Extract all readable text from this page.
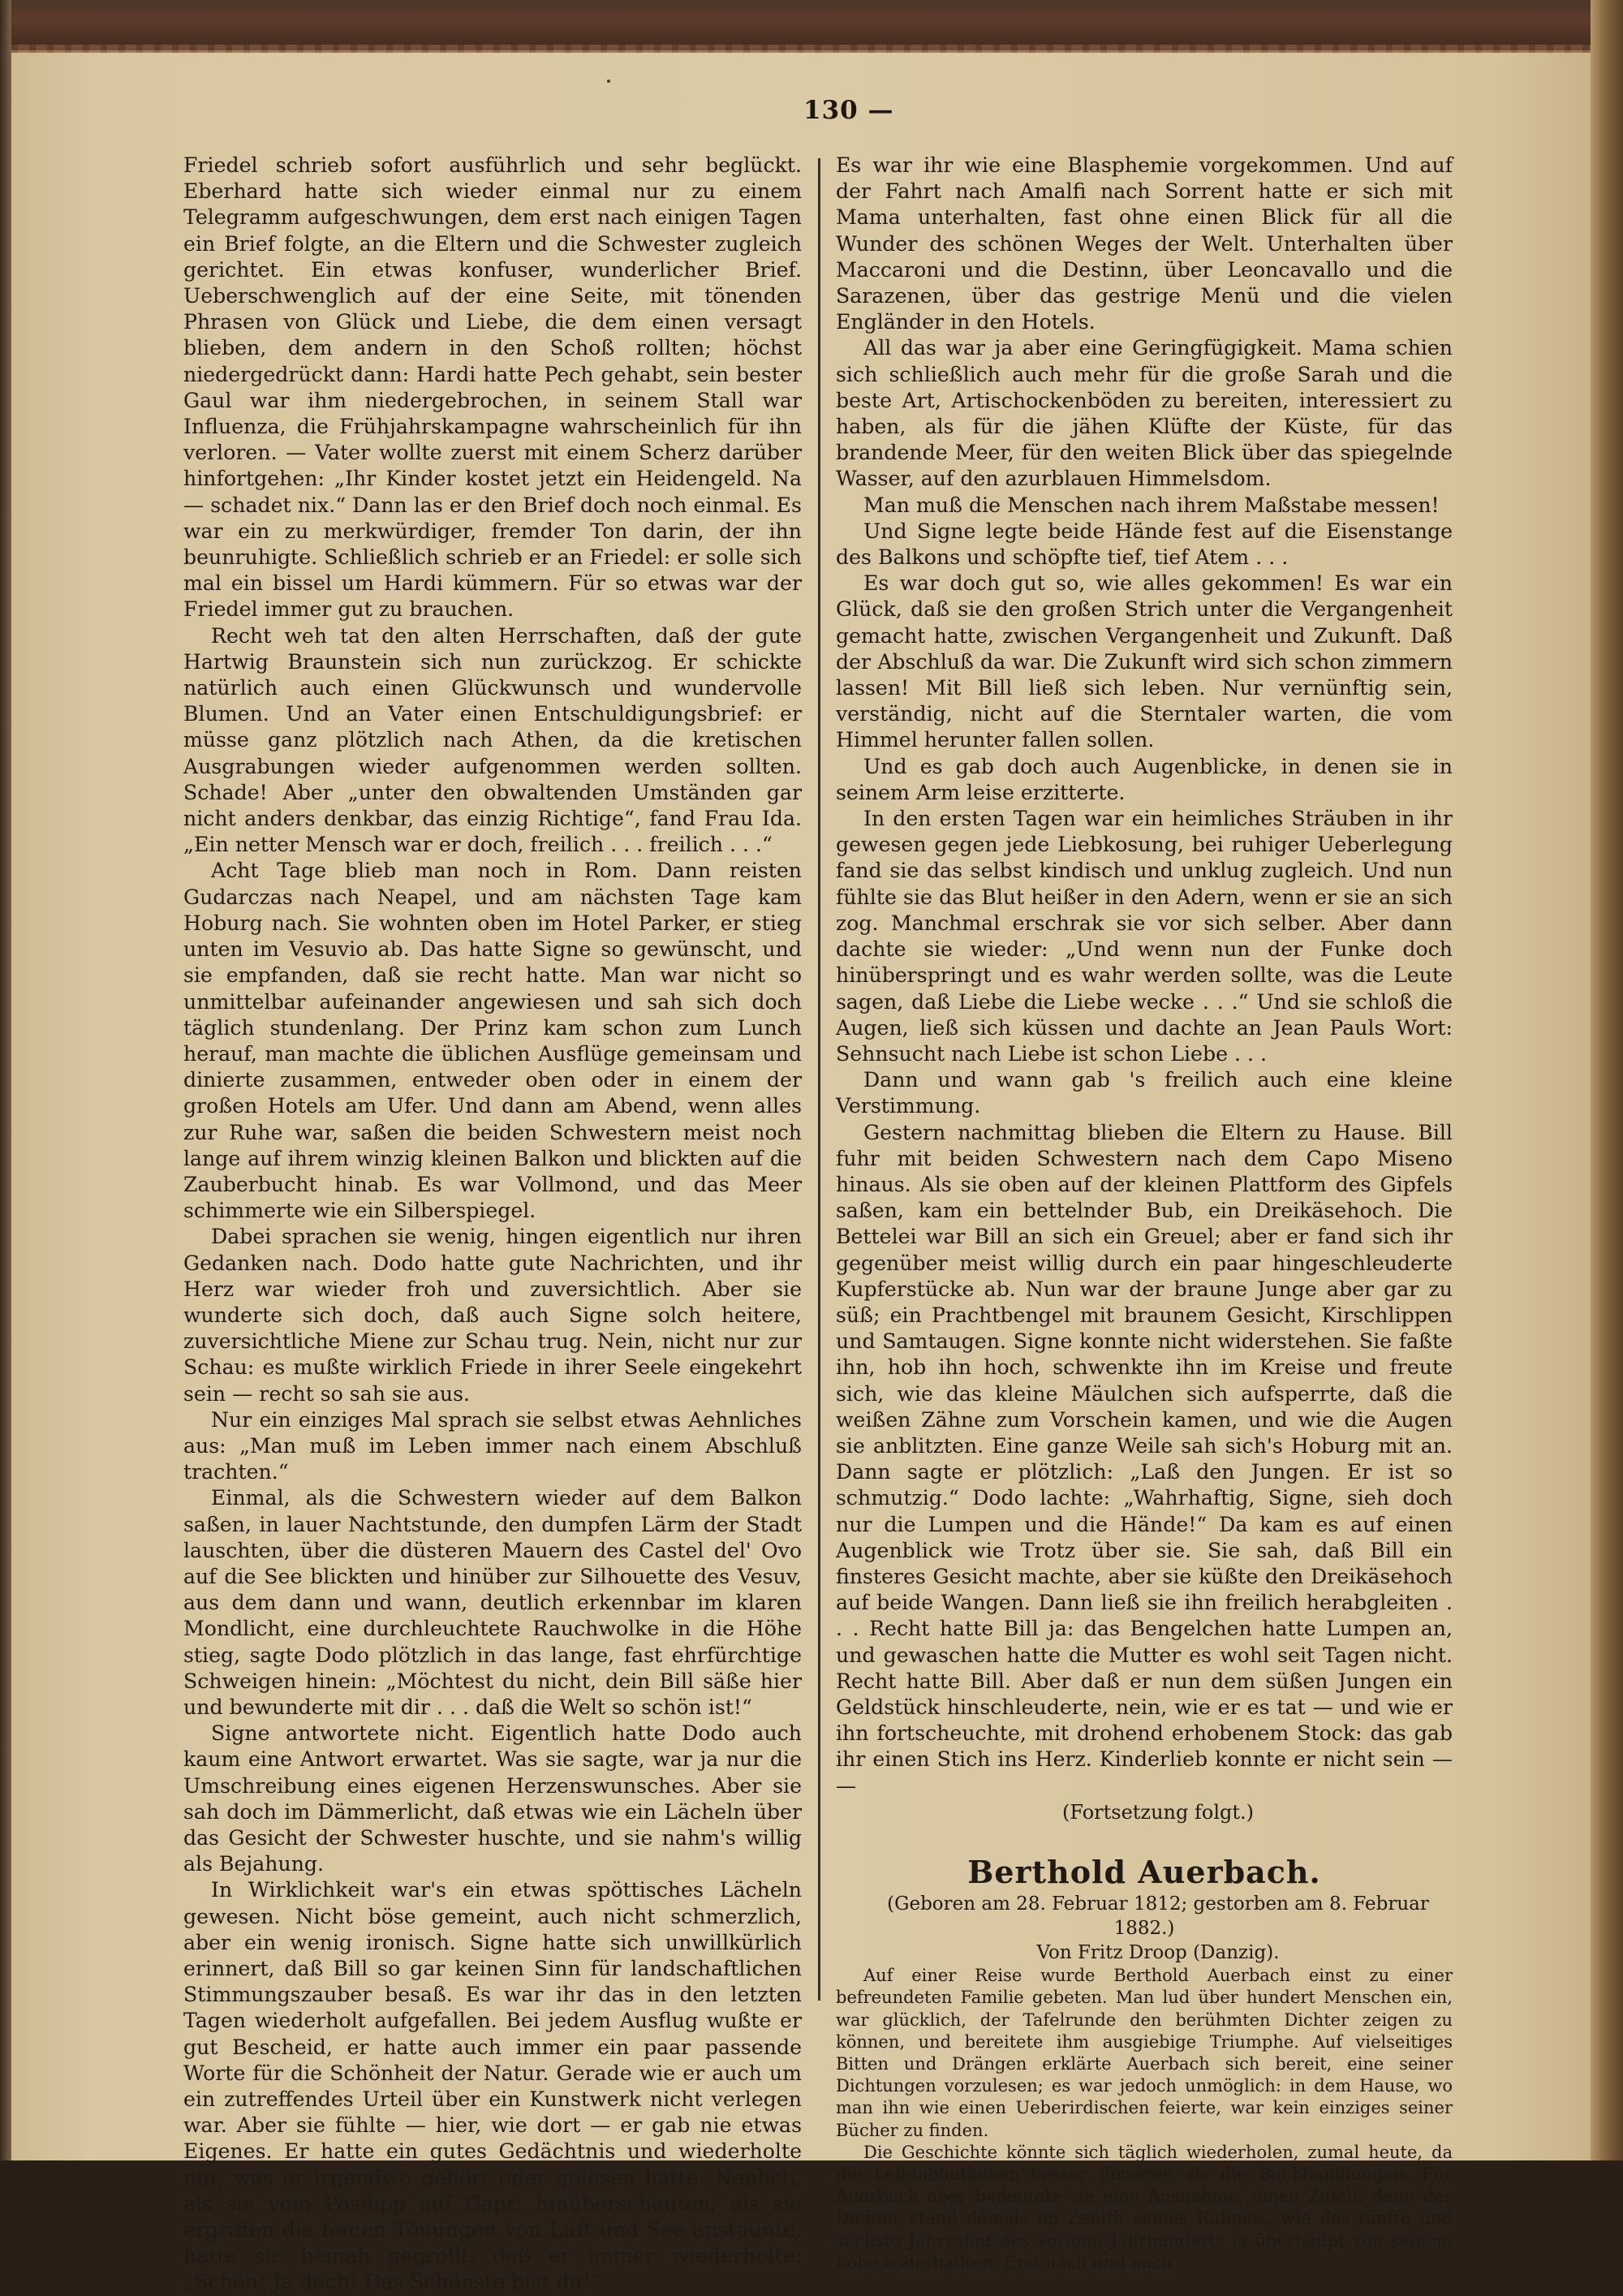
130 —

Friedel schrieb sofort ausführlich und sehr beglückt. Eberhard hatte sich wieder einmal nur zu einem Telegramm aufgeschwungen, dem erst nach einigen Tagen ein Brief folgte, an die Eltern und die Schwester zugleich gerichtet. Ein etwas konfuser, wunderlicher Brief. Ueberschwenglich auf der eine Seite, mit tönenden Phrasen von Glück und Liebe, die dem einen versagt blieben, dem andern in den Schoß rollten; höchst niedergedrückt dann: Hardi hatte Pech gehabt, sein bester Gaul war ihm niedergebrochen, in seinem Stall war Influenza, die Frühjahrskampagne wahrscheinlich für ihn verloren. — Vater wollte zuerst mit einem Scherz darüber hinfortgehen: „Ihr Kinder kostet jetzt ein Heidengeld. Na — schadet nix.“ Dann las er den Brief doch noch einmal. Es war ein zu merkwürdiger, fremder Ton darin, der ihn beunruhigte. Schließlich schrieb er an Friedel: er solle sich mal ein bissel um Hardi kümmern. Für so etwas war der Friedel immer gut zu brauchen.

Recht weh tat den alten Herrschaften, daß der gute Hartwig Braunstein sich nun zurückzog. Er schickte natürlich auch einen Glückwunsch und wundervolle Blumen. Und an Vater einen Entschuldigungsbrief: er müsse ganz plötzlich nach Athen, da die kretischen Ausgrabungen wieder aufgenommen werden sollten. Schade! Aber „unter den obwaltenden Umständen gar nicht anders denkbar, das einzig Richtige“, fand Frau Ida. „Ein netter Mensch war er doch, freilich . . . freilich . . .“

Acht Tage blieb man noch in Rom. Dann reisten Gudarczas nach Neapel, und am nächsten Tage kam Hoburg nach. Sie wohnten oben im Hotel Parker, er stieg unten im Vesuvio ab. Das hatte Signe so gewünscht, und sie empfanden, daß sie recht hatte. Man war nicht so unmittelbar aufeinander angewiesen und sah sich doch täglich stundenlang. Der Prinz kam schon zum Lunch herauf, man machte die üblichen Ausflüge gemeinsam und dinierte zusammen, entweder oben oder in einem der großen Hotels am Ufer. Und dann am Abend, wenn alles zur Ruhe war, saßen die beiden Schwestern meist noch lange auf ihrem winzig kleinen Balkon und blickten auf die Zauberbucht hinab. Es war Vollmond, und das Meer schimmerte wie ein Silberspiegel.

Dabei sprachen sie wenig, hingen eigentlich nur ihren Gedanken nach. Dodo hatte gute Nachrichten, und ihr Herz war wieder froh und zuversichtlich. Aber sie wunderte sich doch, daß auch Signe solch heitere, zuversichtliche Miene zur Schau trug. Nein, nicht nur zur Schau: es mußte wirklich Friede in ihrer Seele eingekehrt sein — recht so sah sie aus.

Nur ein einziges Mal sprach sie selbst etwas Aehnliches aus: „Man muß im Leben immer nach einem Abschluß trachten.“

Einmal, als die Schwestern wieder auf dem Balkon saßen, in lauer Nachtstunde, den dumpfen Lärm der Stadt lauschten, über die düsteren Mauern des Castel del' Ovo auf die See blickten und hinüber zur Silhouette des Vesuv, aus dem dann und wann, deutlich erkennbar im klaren Mondlicht, eine durchleuchtete Rauchwolke in die Höhe stieg, sagte Dodo plötzlich in das lange, fast ehrfürchtige Schweigen hinein: „Möchtest du nicht, dein Bill säße hier und bewunderte mit dir . . . daß die Welt so schön ist!“

Signe antwortete nicht. Eigentlich hatte Dodo auch kaum eine Antwort erwartet. Was sie sagte, war ja nur die Umschreibung eines eigenen Herzenswunsches. Aber sie sah doch im Dämmerlicht, daß etwas wie ein Lächeln über das Gesicht der Schwester huschte, und sie nahm's willig als Bejahung.

In Wirklichkeit war's ein etwas spöttisches Lächeln gewesen. Nicht böse gemeint, auch nicht schmerzlich, aber ein wenig ironisch. Signe hatte sich unwillkürlich erinnert, daß Bill so gar keinen Sinn für landschaftlichen Stimmungszauber besaß. Es war ihr das in den letzten Tagen wiederholt aufgefallen. Bei jedem Ausflug wußte er gut Bescheid, er hatte auch immer ein paar passende Worte für die Schönheit der Natur. Gerade wie er auch um ein zutreffendes Urteil über ein Kunstwerk nicht verlegen war. Aber sie fühlte — hier, wie dort — er gab nie etwas Eigenes. Er hatte ein gutes Gedächtnis und wiederholte nur, was er irgendwo gehört oder gelesen hatte. Neulich, als sie vom Posilipp auf Capri hinüberschauten, als sie ergriffen die feinen Tönungen von Luft und See anstaunte, hatte sie beinah gegrollt, daß er immer wiederholte: „Schön! Ja doch! Das Schönste bist du!“

Es war ihr wie eine Blasphemie vorgekommen. Und auf der Fahrt nach Amalfi nach Sorrent hatte er sich mit Mama unterhalten, fast ohne einen Blick für all die Wunder des schönen Weges der Welt. Unterhalten über Maccaroni und die Destinn, über Leoncavallo und die Sarazenen, über das gestrige Menü und die vielen Engländer in den Hotels.

All das war ja aber eine Geringfügigkeit. Mama schien sich schließlich auch mehr für die große Sarah und die beste Art, Artischockenböden zu bereiten, interessiert zu haben, als für die jähen Klüfte der Küste, für das brandende Meer, für den weiten Blick über das spiegelnde Wasser, auf den azurblauen Himmelsdom.

Man muß die Menschen nach ihrem Maßstabe messen!

Und Signe legte beide Hände fest auf die Eisenstange des Balkons und schöpfte tief, tief Atem . . .

Es war doch gut so, wie alles gekommen! Es war ein Glück, daß sie den großen Strich unter die Vergangenheit gemacht hatte, zwischen Vergangenheit und Zukunft. Daß der Abschluß da war. Die Zukunft wird sich schon zimmern lassen! Mit Bill ließ sich leben. Nur vernünftig sein, verständig, nicht auf die Sterntaler warten, die vom Himmel herunter fallen sollen.

Und es gab doch auch Augenblicke, in denen sie in seinem Arm leise erzitterte.

In den ersten Tagen war ein heimliches Sträuben in ihr gewesen gegen jede Liebkosung, bei ruhiger Ueberlegung fand sie das selbst kindisch und unklug zugleich. Und nun fühlte sie das Blut heißer in den Adern, wenn er sie an sich zog. Manchmal erschrak sie vor sich selber. Aber dann dachte sie wieder: „Und wenn nun der Funke doch hinüberspringt und es wahr werden sollte, was die Leute sagen, daß Liebe die Liebe wecke . . .“ Und sie schloß die Augen, ließ sich küssen und dachte an Jean Pauls Wort: Sehnsucht nach Liebe ist schon Liebe . . .

Dann und wann gab 's freilich auch eine kleine Verstimmung.

Gestern nachmittag blieben die Eltern zu Hause. Bill fuhr mit beiden Schwestern nach dem Capo Miseno hinaus. Als sie oben auf der kleinen Plattform des Gipfels saßen, kam ein bettelnder Bub, ein Dreikäsehoch. Die Bettelei war Bill an sich ein Greuel; aber er fand sich ihr gegenüber meist willig durch ein paar hingeschleuderte Kupferstücke ab. Nun war der braune Junge aber gar zu süß; ein Prachtbengel mit braunem Gesicht, Kirschlippen und Samtaugen. Signe konnte nicht widerstehen. Sie faßte ihn, hob ihn hoch, schwenkte ihn im Kreise und freute sich, wie das kleine Mäulchen sich aufsperrte, daß die weißen Zähne zum Vorschein kamen, und wie die Augen sie anblitzten. Eine ganze Weile sah sich's Hoburg mit an. Dann sagte er plötzlich: „Laß den Jungen. Er ist so schmutzig.“ Dodo lachte: „Wahrhaftig, Signe, sieh doch nur die Lumpen und die Hände!“ Da kam es auf einen Augenblick wie Trotz über sie. Sie sah, daß Bill ein finsteres Gesicht machte, aber sie küßte den Dreikäsehoch auf beide Wangen. Dann ließ sie ihn freilich herabgleiten . . . Recht hatte Bill ja: das Bengelchen hatte Lumpen an, und gewaschen hatte die Mutter es wohl seit Tagen nicht. Recht hatte Bill. Aber daß er nun dem süßen Jungen ein Geldstück hinschleuderte, nein, wie er es tat — und wie er ihn fortscheuchte, mit drohend erhobenem Stock: das gab ihr einen Stich ins Herz. Kinderlieb konnte er nicht sein — —

(Fortsetzung folgt.)

Berthold Auerbach.

(Geboren am 28. Februar 1812; gestorben am 8. Februar 1882.)

Von Fritz Droop (Danzig).

Auf einer Reise wurde Berthold Auerbach einst zu einer befreundeten Familie gebeten. Man lud über hundert Menschen ein, war glücklich, der Tafelrunde den berühmten Dichter zeigen zu können, und bereitete ihm ausgiebige Triumphe. Auf vielseitiges Bitten und Drängen erklärte Auerbach sich bereit, eine seiner Dichtungen vorzulesen; es war jedoch unmöglich: in dem Hause, wo man ihn wie einen Ueberirdischen feierte, war kein einziges seiner Bücher zu finden.

Die Geschichte könnte sich täglich wiederholen, zumal heute, da die Leihbibliotheken besser florieren als die Buchhandlungen. Für Auerbach aber bedeutete sie eine Ausnahme, einen Zufall; denn der Dichter stand damals im Zenith seines Ruhmes, wie das fünfte und sechste Jahrzehnt des vorigen Jahrhunderts ja überhaupt von seinem Lobe widerhallten. Erst nach und nach
